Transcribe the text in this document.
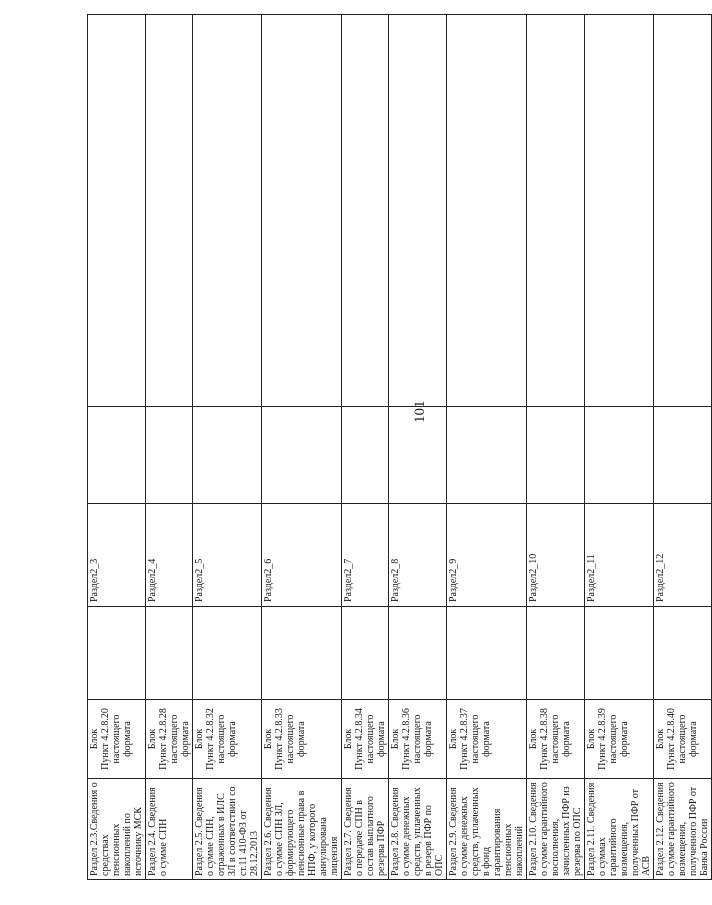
101
Раздел 2.3.Сведения о средствах пенсионных накоплений по источнику МСК	Блок Пункт 4.2.8.20 настоящего формата		Раздел2_3		
Раздел 2.4. Сведения о сумме СПН	Блок Пункт 4.2.8.28 настоящего формата		Раздел2_4		
Раздел 2.5. Сведения о сумме СПН, отраженных в ИЛС ЗЛ в соответствии со ст.11 410-ФЗ от 28.12.2013	Блок Пункт 4.2.8.32 настоящего формата		Раздел2_5		
Раздел 2.6. Сведения о сумме СПН ЗЛ, формирующего пенсионные права в НПФ, у которого аннулирована лицензия	Блок Пункт 4.2.8.33 настоящего формата		Раздел2_6		
Раздел 2.7. Сведения о передаче СПН в состав выплатного резерва ПФР	Блок Пункт 4.2.8.34 настоящего формата		Раздел2_7		
Раздел 2.8. Сведения о сумме денежных средств, уплаченных в резерв ПФР по ОПС	Блок Пункт 4.2.8.36 настоящего формата		Раздел2_8		
Раздел 2.9. Сведения о сумме денежных средств, уплаченных в фонд гарантирования пенсионных накоплений	Блок Пункт 4.2.8.37 настоящего формата		Раздел2_9		
Раздел 2.10. Сведения о сумме гарантийного восполнения, зачисленных ПФР из резерва по ОПС	Блок Пункт 4.2.8.38 настоящего формата		Раздел2_10		
Раздел 2.11. Сведения о суммах гарантийного возмещения, полученных ПФР от АСВ	Блок Пункт 4.2.8.39 настоящего формата		Раздел2_11		
Раздел 2.12. Сведения о сумме гарантийного возмещения, полученного ПФР от Банка России	Блок Пункт 4.2.8.40 настоящего формата		Раздел2_12		
